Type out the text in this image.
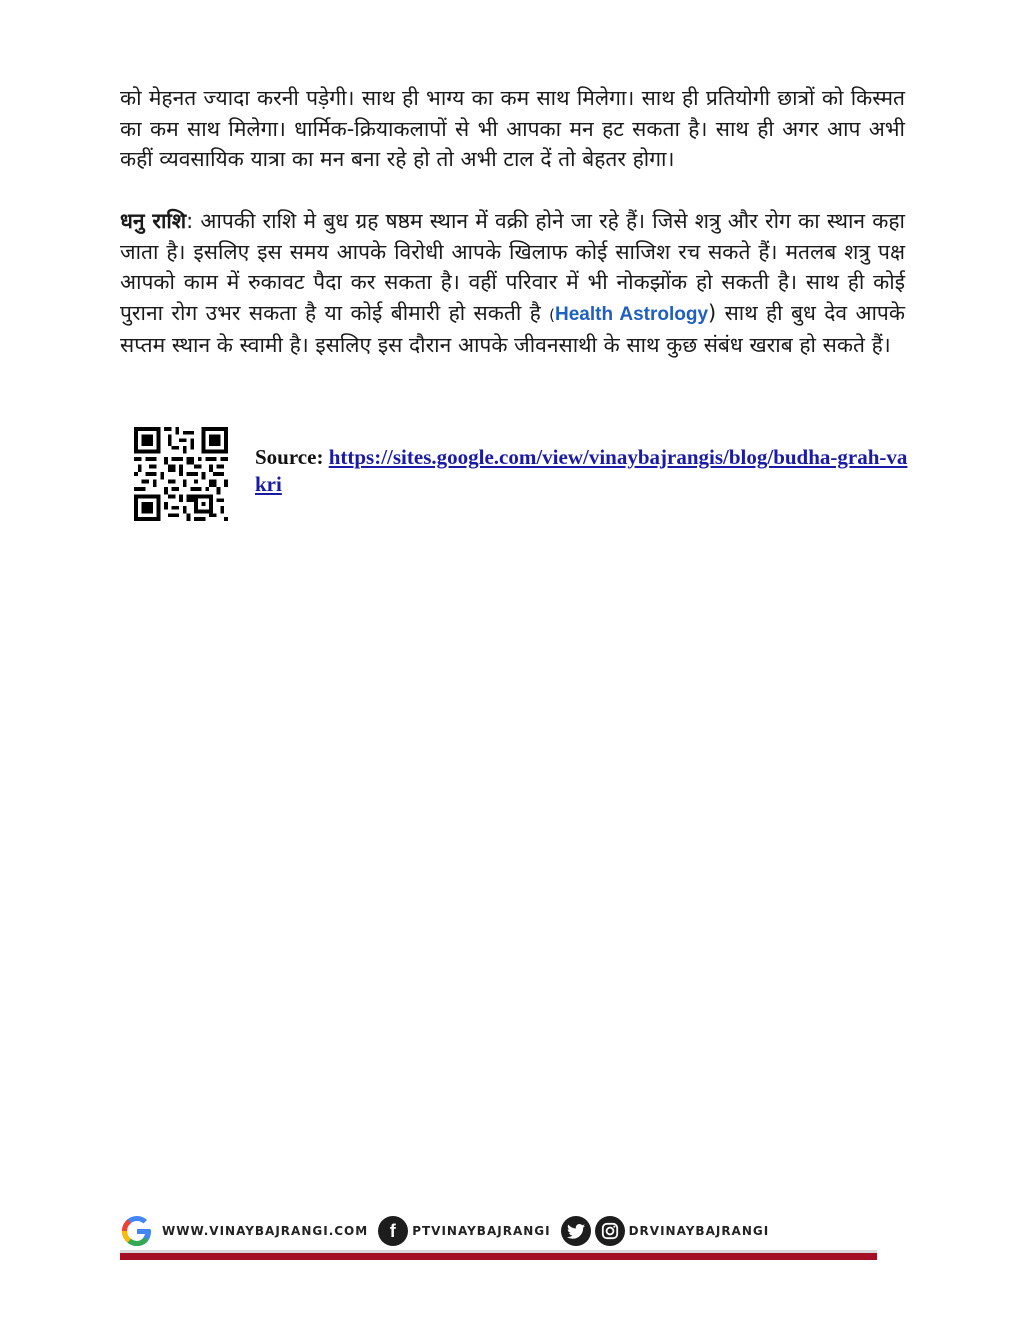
को मेहनत ज्यादा करनी पड़ेगी। साथ ही भाग्य का कम साथ मिलेगा। साथ ही प्रतियोगी छात्रों को किस्मत का कम साथ मिलेगा। धार्मिक-क्रियाकलापों से भी आपका मन हट सकता है। साथ ही अगर आप अभी कहीं व्यवसायिक यात्रा का मन बना रहे हो तो अभी टाल दें तो बेहतर होगा।
धनु राशि: आपकी राशि मे बुध ग्रह षष्ठम स्थान में वक्री होने जा रहे हैं। जिसे शत्रु और रोग का स्थान कहा जाता है। इसलिए इस समय आपके विरोधी आपके खिलाफ कोई साजिश रच सकते हैं। मतलब शत्रु पक्ष आपको काम में रुकावट पैदा कर सकता है। वहीं परिवार में भी नोकझोंक हो सकती है। साथ ही कोई पुराना रोग उभर सकता है या कोई बीमारी हो सकती है (Health Astrology) साथ ही बुध देव आपके सप्तम स्थान के स्वामी है। इसलिए इस दौरान आपके जीवनसाथी के साथ कुछ संबंध खराब हो सकते हैं।
Source: https://sites.google.com/view/vinaybajrangis/blog/budha-grah-vakri
WWW.VINAYBAJRANGI.COM	f	PTVINAYBAJRANGI	DRVINAYBAJRANGI
